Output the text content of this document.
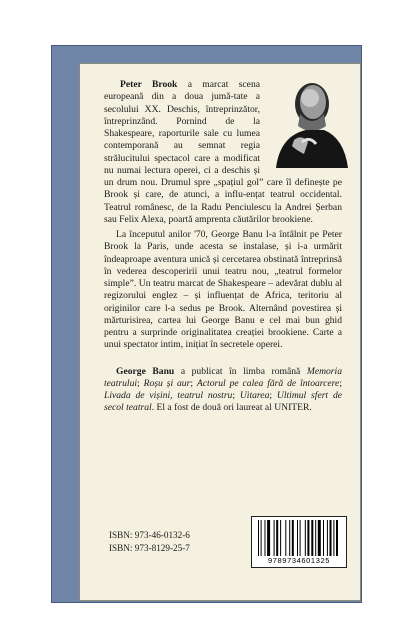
Peter Brook a marcat scena europeană din a doua jumă-tate a secolului XX. Deschis, întreprinzător, întreprinzând. Pornind de la Shakespeare, raporturile sale cu lumea contemporană au semnat regia strălucitului spectacol care a modificat nu numai lectura operei, ci a deschis și un drum nou. Drumul spre „spațiul gol” care îl definește pe Brook și care, de atunci, a influ-ențat teatrul occidental. Teatrul românesc, de la Radu Penciulescu la Andrei Șerban sau Felix Alexa, poartă amprenta căutărilor brookiene.

La începutul anilor '70, George Banu l-a întâlnit pe Peter Brook la Paris, unde acesta se instalase, și i-a urmărit îndeaproape aventura unică și cercetarea obstinată întreprinsă în vederea descoperirii unui teatru nou, „teatrul formelor simple”. Un teatru marcat de Shakespeare – adevărat dublu al regizorului englez – și influențat de Africa, teritoriu al originilor care l-a sedus pe Brook. Alternând povestirea și mărturisirea, cartea lui George Banu e cel mai bun ghid pentru a surprinde originalitatea creației brookiene. Carte a unui spectator intim, inițiat în secretele operei.

George Banu a publicat în limba română Memoria teatrului; Roșu și aur; Actorul pe calea fără de întoarcere; Livada de vișini, teatrul nostru; Uitarea; Ultimul sfert de secol teatral. El a fost de două ori laureat al UNITER.

ISBN: 973-46-0132-6
ISBN: 973-8129-25-7
9789734601325
